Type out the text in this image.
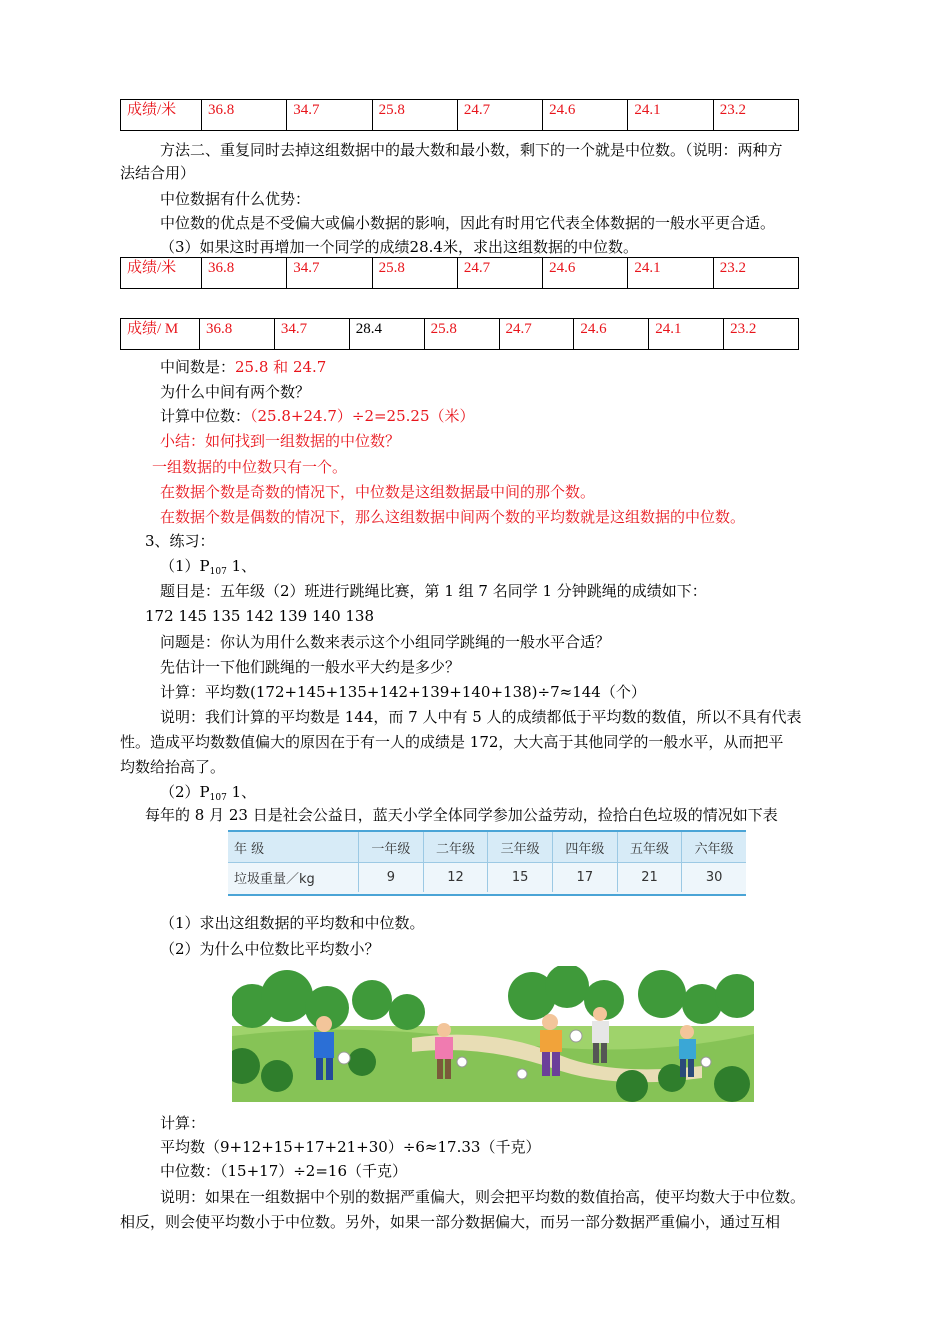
成绩/米	36.8	34.7	25.8	24.7	24.6	24.1	23.2
方法二、重复同时去掉这组数据中的最大数和最小数，剩下的一个就是中位数。（说明：两种方
法结合用）
中位数据有什么优势：
中位数的优点是不受偏大或偏小数据的影响，因此有时用它代表全体数据的一般水平更合适。
（3）如果这时再增加一个同学的成绩28.4米，求出这组数据的中位数。
成绩/米	36.8	34.7	25.8	24.7	24.6	24.1	23.2
成绩/ M	36.8	34.7	28.4	25.8	24.7	24.6	24.1	23.2
中间数是：25.8 和 24.7
为什么中间有两个数？
计算中位数：（25.8+24.7）÷2=25.25（米）
小结：如何找到一组数据的中位数？
一组数据的中位数只有一个。
在数据个数是奇数的情况下，中位数是这组数据最中间的那个数。
在数据个数是偶数的情况下，那么这组数据中间两个数的平均数就是这组数据的中位数。
3、练习：
$(1)P_{107}$ 1、
题目是：五年级（2）班进行跳绳比赛，第 1 组 7 名同学 1 分钟跳绳的成绩如下：
172 145 135 142 139 140 138
问题是：你认为用什么数来表示这个小组同学跳绳的一般水平合适？
先估计一下他们跳绳的一般水平大约是多少？
计算：平均数(172+145+135+142+139+140+138)÷7≈144（个）
说明：我们计算的平均数是 144，而 7 人中有 5 人的成绩都低于平均数的数值，所以不具有代表
性。造成平均数数值偏大的原因在于有一人的成绩是 172，大大高于其他同学的一般水平，从而把平
均数给抬高了。
$(2)P_{107}$ 1、
每年的 8 月 23 日是社会公益日，蓝天小学全体同学参加公益劳动，捡拾白色垃圾的情况如下表
年 级	一年级	二年级	三年级	四年级	五年级	六年级
垃圾重量／kg	9	12	15	17	21	30
（1）求出这组数据的平均数和中位数。
（2）为什么中位数比平均数小？
计算：
平均数（9+12+15+17+21+30）÷6≈17.33（千克）
中位数：（15+17）÷2=16（千克）
说明：如果在一组数据中个别的数据严重偏大，则会把平均数的数值抬高，使平均数大于中位数。
相反，则会使平均数小于中位数。另外，如果一部分数据偏大，而另一部分数据严重偏小，通过互相
